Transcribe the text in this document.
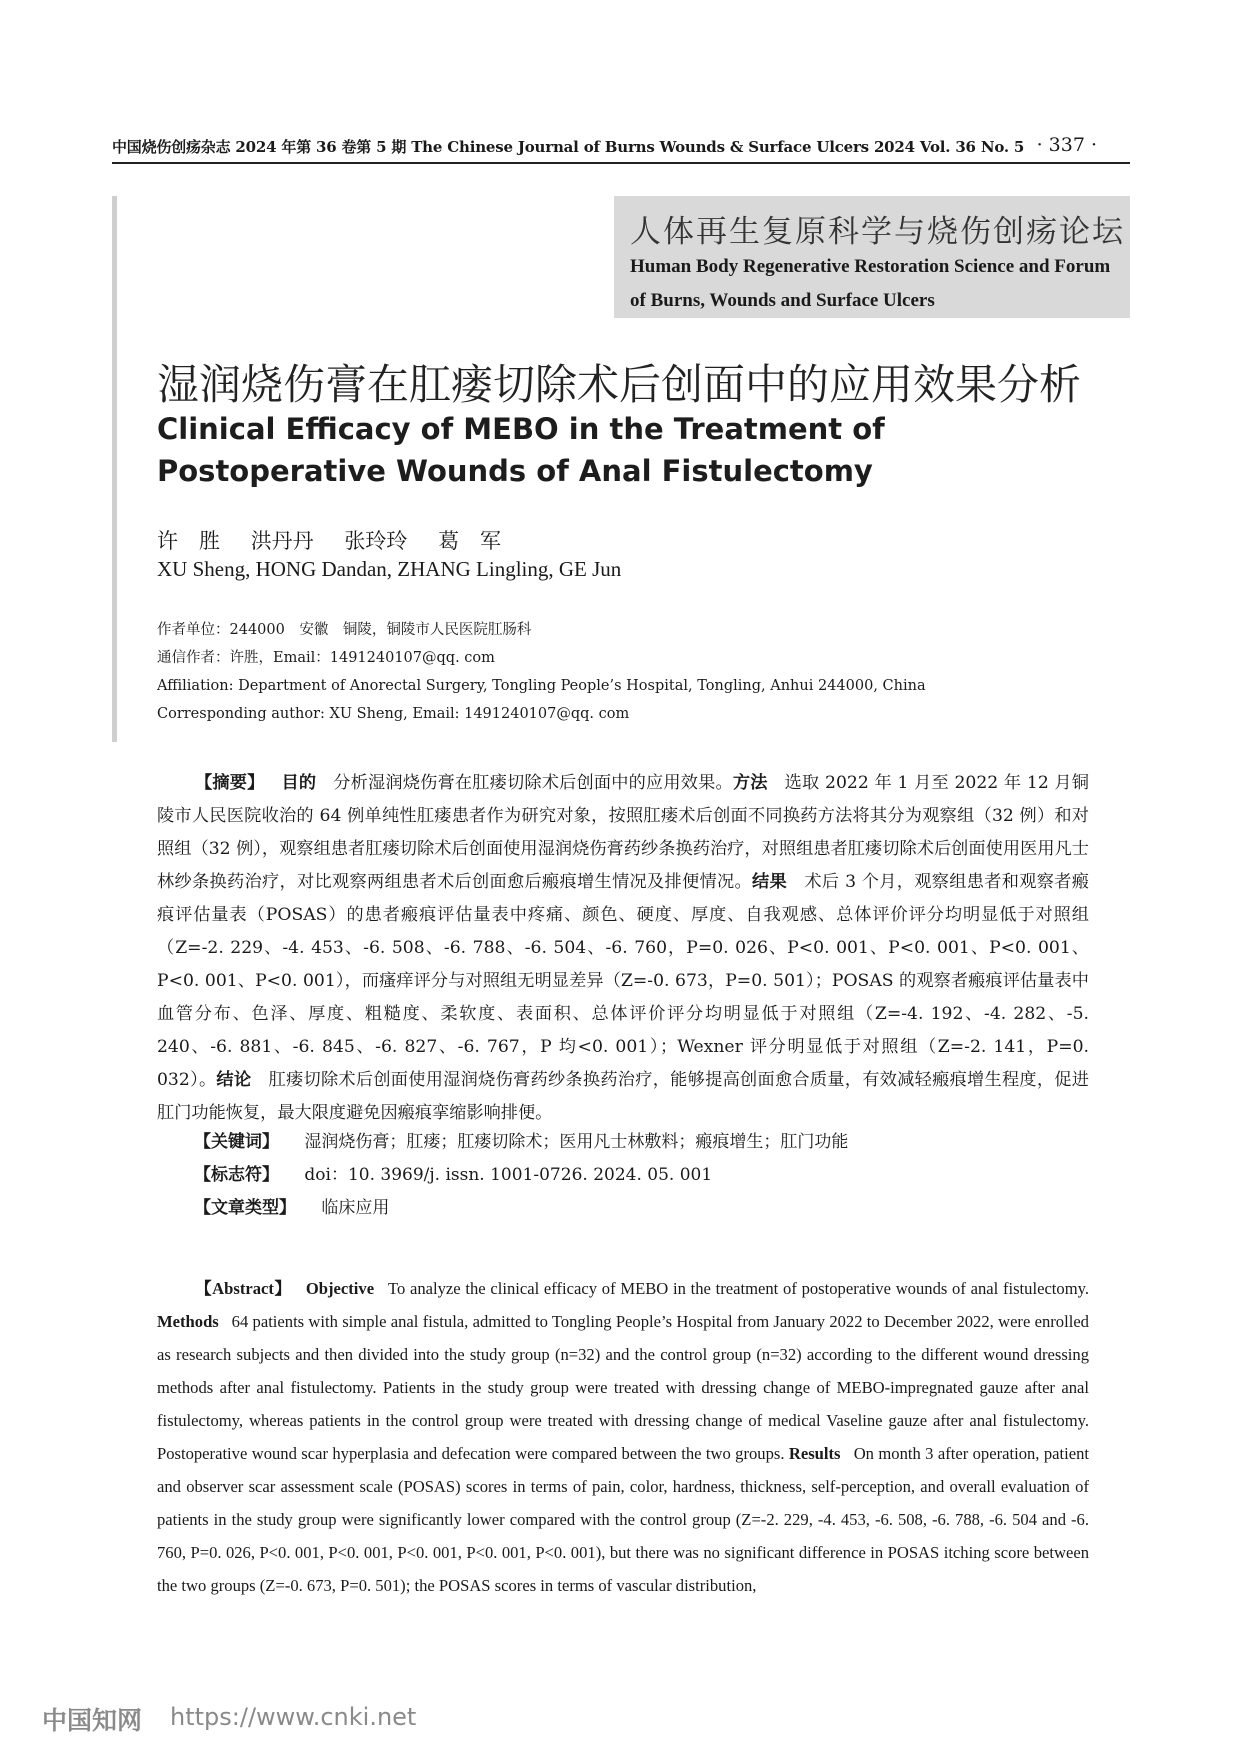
中国烧伤创疡杂志 2024 年第 36 卷第 5 期 The Chinese Journal of Burns Wounds & Surface Ulcers 2024 Vol. 36 No. 5 · 337 ·
人体再生复原科学与烧伤创疡论坛
Human Body Regenerative Restoration Science and Forum of Burns, Wounds and Surface Ulcers
湿润烧伤膏在肛瘘切除术后创面中的应用效果分析
Clinical Efficacy of MEBO in the Treatment of Postoperative Wounds of Anal Fistulectomy
许　胜 洪丹丹 张玲玲 葛　军
XU Sheng, HONG Dandan, ZHANG Lingling, GE Jun
作者单位：244000　安徽　铜陵，铜陵市人民医院肛肠科
通信作者：许胜，Email：1491240107@qq. com
Affiliation: Department of Anorectal Surgery, Tongling People’s Hospital, Tongling, Anhui 244000, China
Corresponding author: XU Sheng, Email: 1491240107@qq. com

【摘要】 目的 分析湿润烧伤膏在肛瘘切除术后创面中的应用效果。方法 选取 2022 年 1 月至 2022 年 12 月铜陵市人民医院收治的 64 例单纯性肛瘘患者作为研究对象，按照肛瘘术后创面不同换药方法将其分为观察组（32 例）和对照组（32 例），观察组患者肛瘘切除术后创面使用湿润烧伤膏药纱条换药治疗，对照组患者肛瘘切除术后创面使用医用凡士林纱条换药治疗，对比观察两组患者术后创面愈后瘢痕增生情况及排便情况。结果 术后 3 个月，观察组患者和观察者瘢痕评估量表（POSAS）的患者瘢痕评估量表中疼痛、颜色、硬度、厚度、自我观感、总体评价评分均明显低于对照组（Z=-2. 229、-4. 453、-6. 508、-6. 788、-6. 504、-6. 760，P=0. 026、P<0. 001、P<0. 001、P<0. 001、P<0. 001、P<0. 001），而瘙痒评分与对照组无明显差异（Z=-0. 673，P=0. 501）；POSAS 的观察者瘢痕评估量表中血管分布、色泽、厚度、粗糙度、柔软度、表面积、总体评价评分均明显低于对照组（Z=-4. 192、-4. 282、-5. 240、-6. 881、-6. 845、-6. 827、-6. 767，P 均<0. 001）；Wexner 评分明显低于对照组（Z=-2. 141，P=0. 032）。结论 肛瘘切除术后创面使用湿润烧伤膏药纱条换药治疗，能够提高创面愈合质量，有效减轻瘢痕增生程度，促进肛门功能恢复，最大限度避免因瘢痕挛缩影响排便。

【关键词】 湿润烧伤膏；肛瘘；肛瘘切除术；医用凡士林敷料；瘢痕增生；肛门功能
【标志符】 doi：10. 3969/j. issn. 1001-0726. 2024. 05. 001
【文章类型】 临床应用

【Abstract】 Objective To analyze the clinical efficacy of MEBO in the treatment of postoperative wounds of anal fistulectomy. Methods 64 patients with simple anal fistula, admitted to Tongling People’s Hospital from January 2022 to December 2022, were enrolled as research subjects and then divided into the study group (n=32) and the control group (n=32) according to the different wound dressing methods after anal fistulectomy. Patients in the study group were treated with dressing change of MEBO-impregnated gauze after anal fistulectomy, whereas patients in the control group were treated with dressing change of medical Vaseline gauze after anal fistulectomy. Postoperative wound scar hyperplasia and defecation were compared between the two groups. Results On month 3 after operation, patient and observer scar assessment scale (POSAS) scores in terms of pain, color, hardness, thickness, self-perception, and overall evaluation of patients in the study group were significantly lower compared with the control group (Z=-2. 229, -4. 453, -6. 508, -6. 788, -6. 504 and -6. 760, P=0. 026, P<0. 001, P<0. 001, P<0. 001, P<0. 001, P<0. 001), but there was no significant difference in POSAS itching score between the two groups (Z=-0. 673, P=0. 501); the POSAS scores in terms of vascular distribution,

中国知网 https://www.cnki.net
